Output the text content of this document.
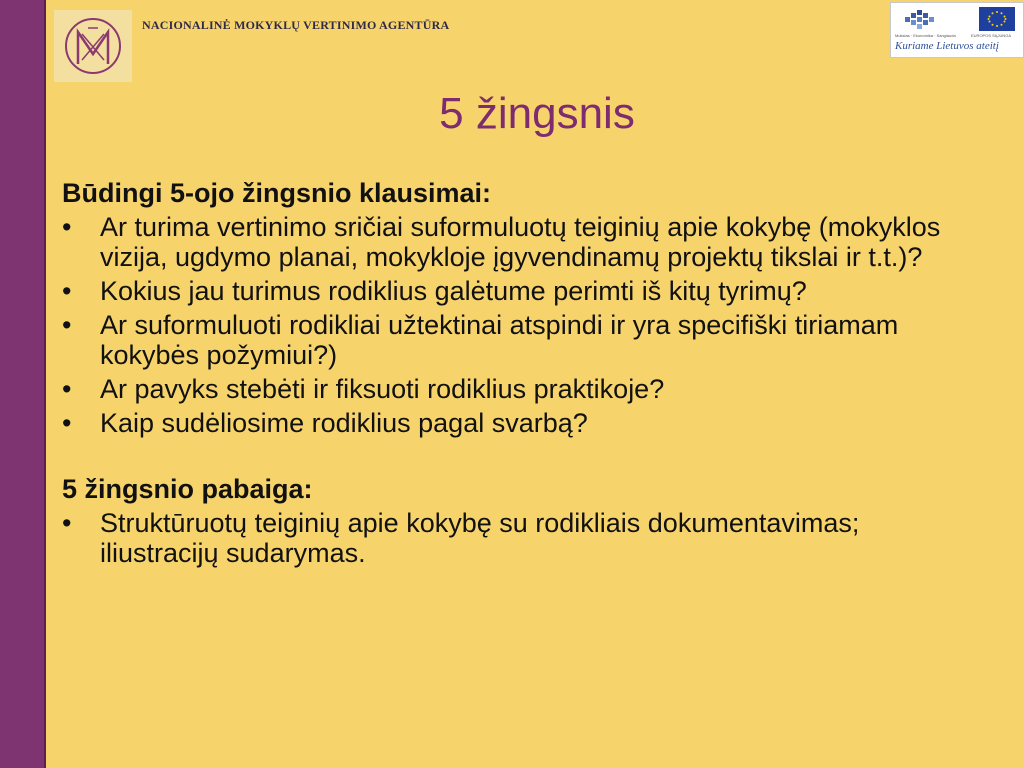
NACIONALINĖ MOKYKLŲ VERTINIMO AGENTŪRA
Mokslas · Ekonomika · Sanglauda	EUROPOS SĄJUNGA
Kuriame Lietuvos ateitį
5 žingsnis

Būdingi 5-ojo žingsnio klausimai:

• Ar turima vertinimo sričiai suformuluotų teiginių apie kokybę (mokyklos vizija, ugdymo planai, mokykloje įgyvendinamų projektų tikslai ir t.t.)?
• Kokius jau turimus rodiklius galėtume perimti iš kitų tyrimų?
• Ar suformuluoti rodikliai užtektinai atspindi ir yra specifiški tiriamam kokybės požymiui?)
• Ar pavyks stebėti ir fiksuoti rodiklius praktikoje?
• Kaip sudėliosime rodiklius pagal svarbą?

5 žingsnio pabaiga:

• Struktūruotų teiginių apie kokybę su rodikliais dokumentavimas; iliustracijų sudarymas.
